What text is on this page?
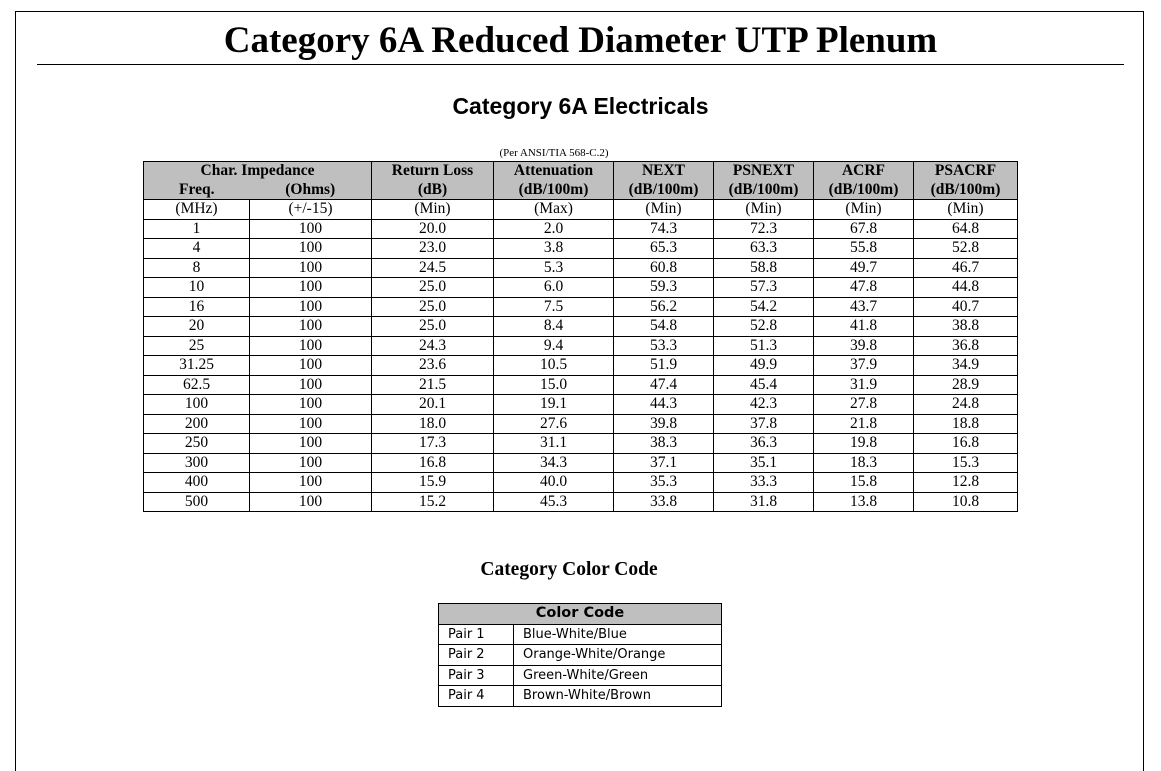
Category 6A Reduced Diameter UTP Plenum
Category 6A Electricals
(Per ANSI/TIA 568-C.2)
Char. Impedance		Return Loss	Attenuation	NEXT	PSNEXT	ACRF	PSACRF
Freq.	(Ohms)	(dB)	(dB/100m)	(dB/100m)	(dB/100m)	(dB/100m)	(dB/100m)
(MHz)	(+/-15)	(Min)	(Max)	(Min)	(Min)	(Min)	(Min)
1	100	20.0	2.0	74.3	72.3	67.8	64.8
4	100	23.0	3.8	65.3	63.3	55.8	52.8
8	100	24.5	5.3	60.8	58.8	49.7	46.7
10	100	25.0	6.0	59.3	57.3	47.8	44.8
16	100	25.0	7.5	56.2	54.2	43.7	40.7
20	100	25.0	8.4	54.8	52.8	41.8	38.8
25	100	24.3	9.4	53.3	51.3	39.8	36.8
31.25	100	23.6	10.5	51.9	49.9	37.9	34.9
62.5	100	21.5	15.0	47.4	45.4	31.9	28.9
100	100	20.1	19.1	44.3	42.3	27.8	24.8
200	100	18.0	27.6	39.8	37.8	21.8	18.8
250	100	17.3	31.1	38.3	36.3	19.8	16.8
300	100	16.8	34.3	37.1	35.1	18.3	15.3
400	100	15.9	40.0	35.3	33.3	15.8	12.8
500	100	15.2	45.3	33.8	31.8	13.8	10.8
Category Color Code
Color Code	
Pair 1	Blue-White/Blue
Pair 2	Orange-White/Orange
Pair 3	Green-White/Green
Pair 4	Brown-White/Brown
